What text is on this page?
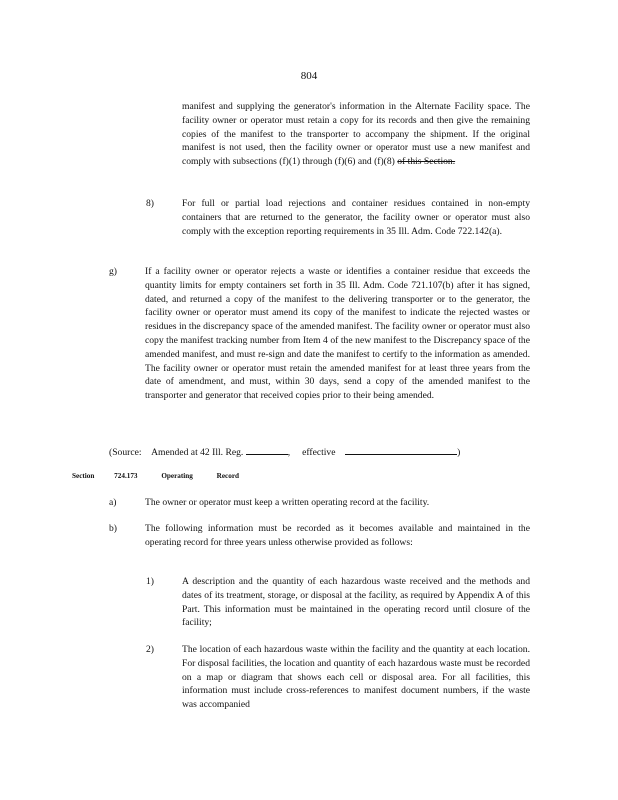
804

manifest and supplying the generator's information in the Alternate Facility space. The facility owner or operator must retain a copy for its records and then give the remaining copies of the manifest to the transporter to accompany the shipment. If the original manifest is not used, then the facility owner or operator must use a new manifest and comply with subsections (f)(1) through (f)(6) and (f)(8) of this Section.

8)	For full or partial load rejections and container residues contained in non-empty containers that are returned to the generator, the facility owner or operator must also comply with the exception reporting requirements in 35 Ill. Adm. Code 722.142(a).

g)	If a facility owner or operator rejects a waste or identifies a container residue that exceeds the quantity limits for empty containers set forth in 35 Ill. Adm. Code 721.107(b) after it has signed, dated, and returned a copy of the manifest to the delivering transporter or to the generator, the facility owner or operator must amend its copy of the manifest to indicate the rejected wastes or residues in the discrepancy space of the amended manifest. The facility owner or operator must also copy the manifest tracking number from Item 4 of the new manifest to the Discrepancy space of the amended manifest, and must re-sign and date the manifest to certify to the information as amended. The facility owner or operator must retain the amended manifest for at least three years from the date of amendment, and must, within 30 days, send a copy of the amended manifest to the transporter and generator that received copies prior to their being amended.

(Source: Amended at 42 Ill. Reg.	, effective	)
Section	724.173	Operating	Record
a)	The owner or operator must keep a written operating record at the facility.

b)	The following information must be recorded as it becomes available and maintained in the operating record for three years unless otherwise provided as follows:

1)	A description and the quantity of each hazardous waste received and the methods and dates of its treatment, storage, or disposal at the facility, as required by Appendix A of this Part. This information must be maintained in the operating record until closure of the facility;

2)	The location of each hazardous waste within the facility and the quantity at each location. For disposal facilities, the location and quantity of each hazardous waste must be recorded on a map or diagram that shows each cell or disposal area. For all facilities, this information must include cross-references to manifest document numbers, if the waste was accompanied
